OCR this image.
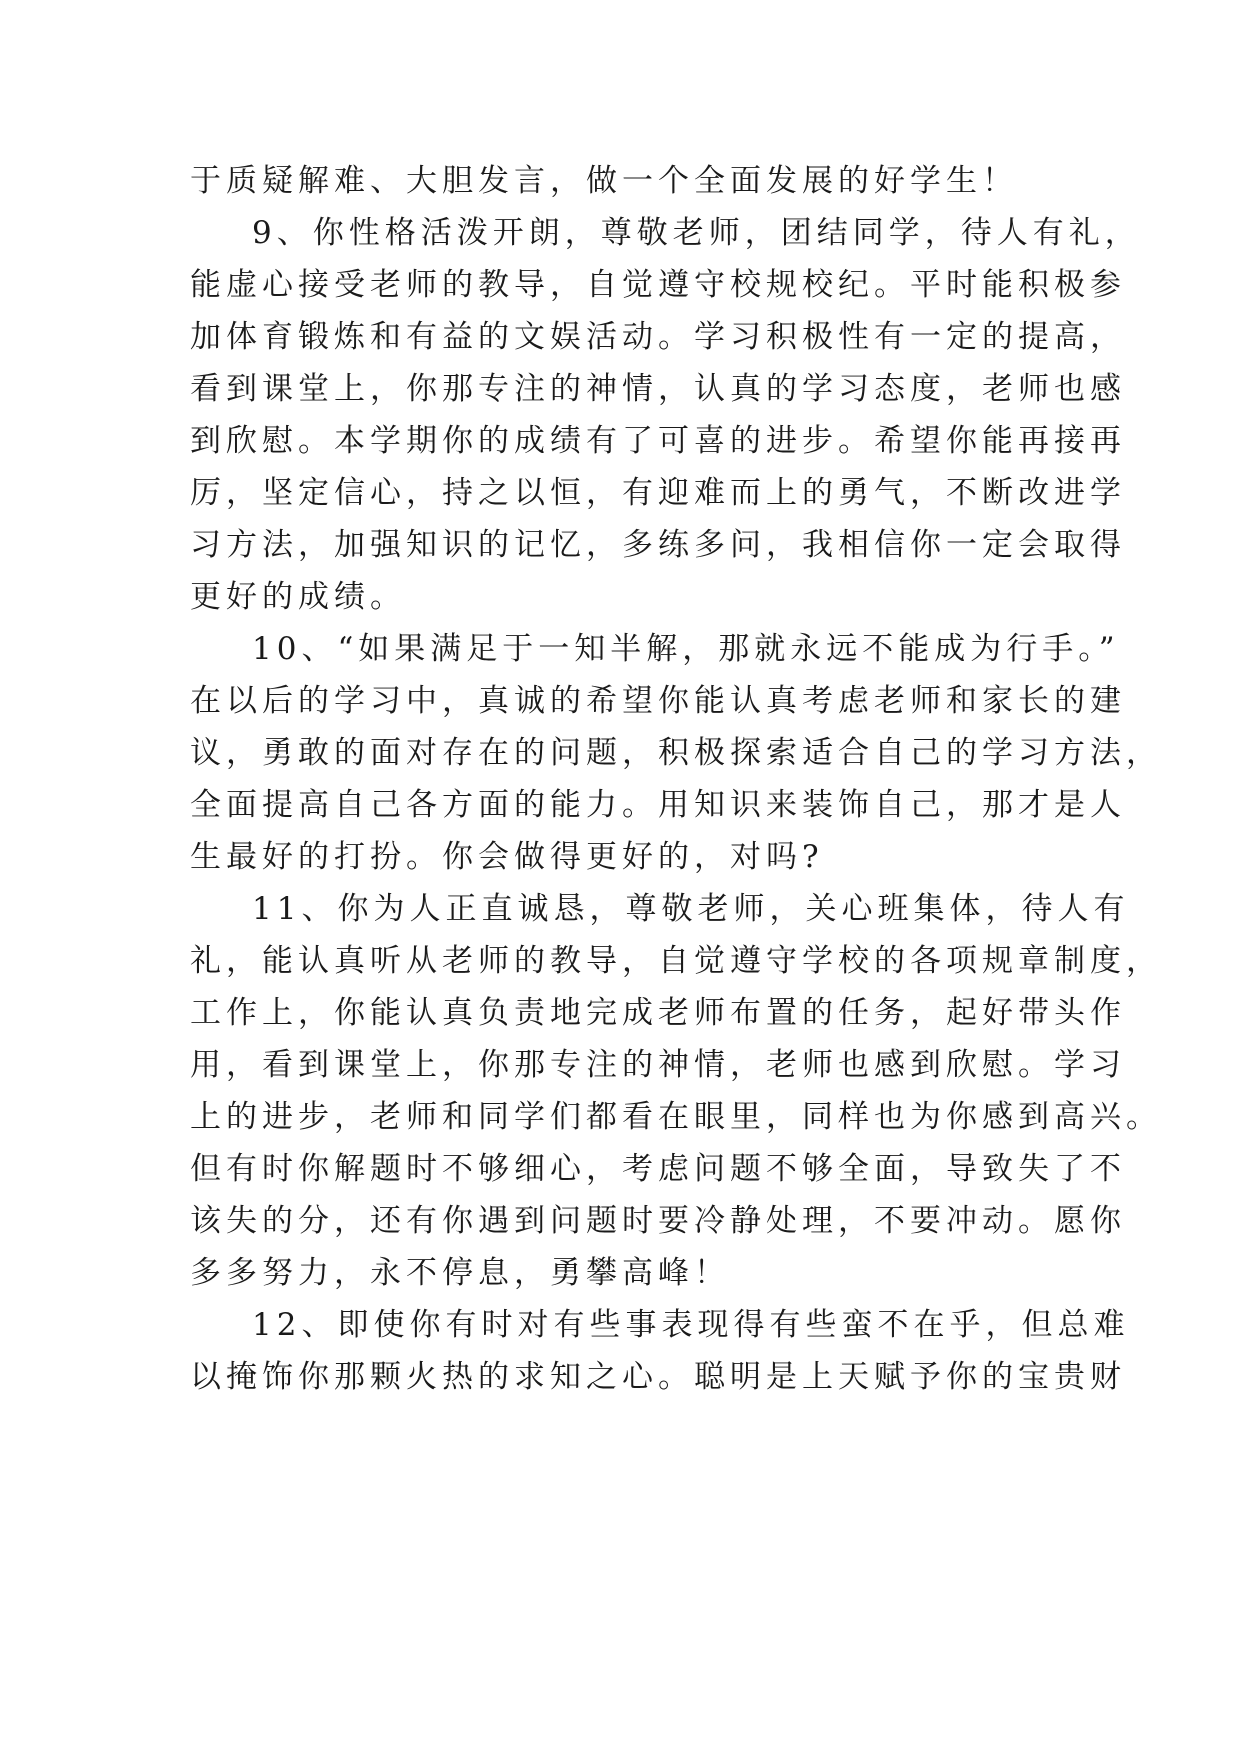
于质疑解难、大胆发言，做一个全面发展的好学生！
9、你性格活泼开朗，尊敬老师，团结同学，待人有礼，
能虚心接受老师的教导，自觉遵守校规校纪。平时能积极参
加体育锻炼和有益的文娱活动。学习积极性有一定的提高，
看到课堂上，你那专注的神情，认真的学习态度，老师也感
到欣慰。本学期你的成绩有了可喜的进步。希望你能再接再
厉，坚定信心，持之以恒，有迎难而上的勇气，不断改进学
习方法，加强知识的记忆，多练多问，我相信你一定会取得
更好的成绩。
10、“如果满足于一知半解，那就永远不能成为行手。”
在以后的学习中，真诚的希望你能认真考虑老师和家长的建
议，勇敢的面对存在的问题，积极探索适合自己的学习方法，
全面提高自己各方面的能力。用知识来装饰自己，那才是人
生最好的打扮。你会做得更好的，对吗?
11、你为人正直诚恳，尊敬老师，关心班集体，待人有
礼，能认真听从老师的教导，自觉遵守学校的各项规章制度，
工作上，你能认真负责地完成老师布置的任务，起好带头作
用，看到课堂上，你那专注的神情，老师也感到欣慰。学习
上的进步，老师和同学们都看在眼里，同样也为你感到高兴。
但有时你解题时不够细心，考虑问题不够全面，导致失了不
该失的分，还有你遇到问题时要冷静处理，不要冲动。愿你
多多努力，永不停息，勇攀高峰！
12、即使你有时对有些事表现得有些蛮不在乎，但总难
以掩饰你那颗火热的求知之心。聪明是上天赋予你的宝贵财
